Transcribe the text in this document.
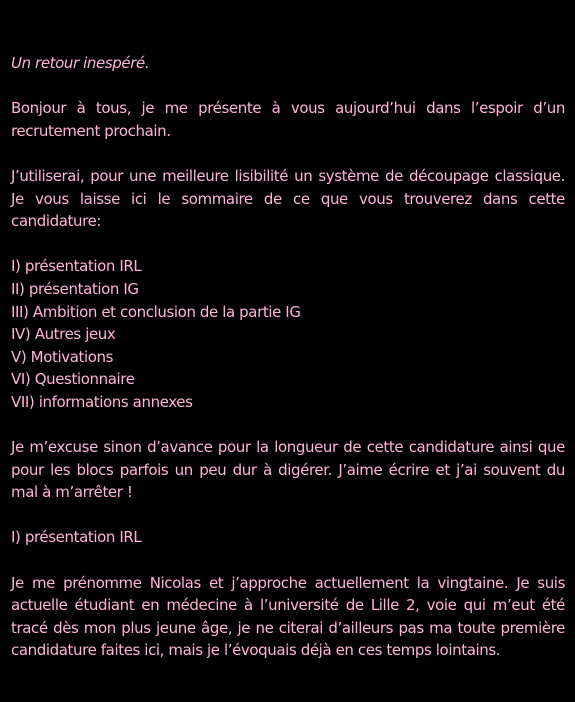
Un retour inespéré.

Bonjour à tous, je me présente à vous aujourd’hui dans l’espoir d’un recrutement prochain.

J’utiliserai, pour une meilleure lisibilité un système de découpage classique. Je vous laisse ici le sommaire de ce que vous trouverez dans cette candidature:

I) présentation IRL
II) présentation IG
III) Ambition et conclusion de la partie IG
IV) Autres jeux
V) Motivations
VI) Questionnaire
VII) informations annexes

Je m’excuse sinon d’avance pour la longueur de cette candidature ainsi que pour les blocs parfois un peu dur à digérer. J’aime écrire et j’ai souvent du mal à m’arrêter !

I) présentation IRL

Je me prénomme Nicolas et j’approche actuellement la vingtaine. Je suis actuelle étudiant en médecine à l’université de Lille 2, voie qui m’eut été tracé dès mon plus jeune âge, je ne citerai d’ailleurs pas ma toute première candidature faites ici, mais je l’évoquais déjà en ces temps lointains.
